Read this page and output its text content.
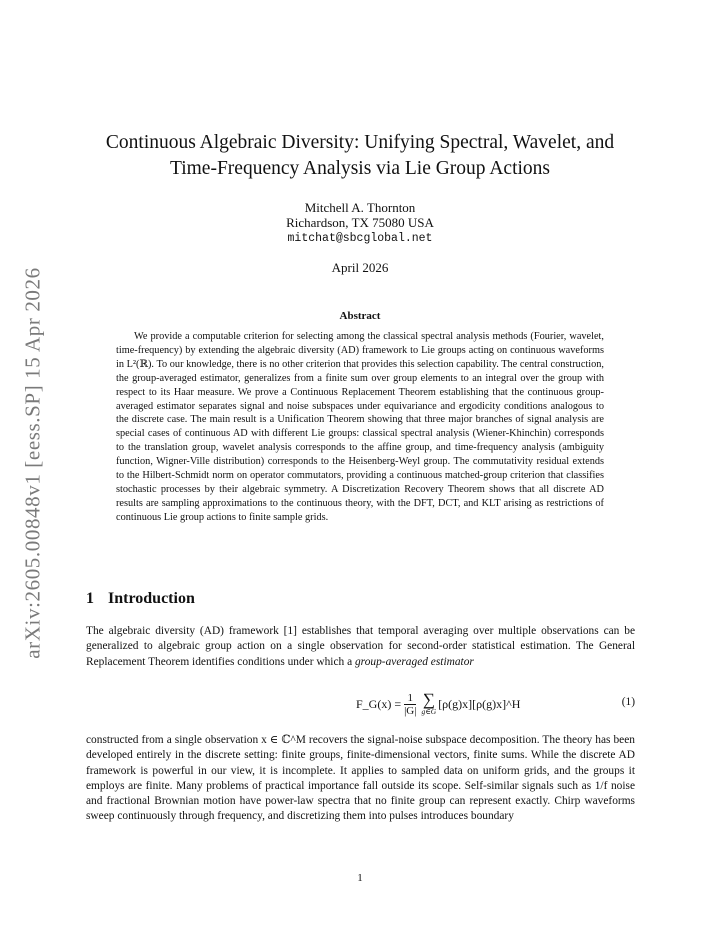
arXiv:2605.00848v1 [eess.SP] 15 Apr 2026
Continuous Algebraic Diversity: Unifying Spectral, Wavelet, and
Time-Frequency Analysis via Lie Group Actions
Mitchell A. Thornton
Richardson, TX 75080 USA
mitchat@sbcglobal.net
April 2026
Abstract

We provide a computable criterion for selecting among the classical spectral analysis methods (Fourier, wavelet, time-frequency) by extending the algebraic diversity (AD) framework to Lie groups acting on continuous waveforms in L²(ℝ). To our knowledge, there is no other criterion that provides this selection capability. The central construction, the group-averaged estimator, generalizes from a finite sum over group elements to an integral over the group with respect to its Haar measure. We prove a Continuous Replacement Theorem establishing that the continuous group-averaged estimator separates signal and noise subspaces under equivariance and ergodicity conditions analogous to the discrete case. The main result is a Unification Theorem showing that three major branches of signal analysis are special cases of continuous AD with different Lie groups: classical spectral analysis (Wiener-Khinchin) corresponds to the translation group, wavelet analysis corresponds to the affine group, and time-frequency analysis (ambiguity function, Wigner-Ville distribution) corresponds to the Heisenberg-Weyl group. The commutativity residual extends to the Hilbert-Schmidt norm on operator commutators, providing a continuous matched-group criterion that classifies stochastic processes by their algebraic symmetry. A Discretization Recovery Theorem shows that all discrete AD results are sampling approximations to the continuous theory, with the DFT, DCT, and KLT arising as restrictions of continuous Lie group actions to finite sample grids.

1 Introduction

The algebraic diversity (AD) framework [1] establishes that temporal averaging over multiple observations can be generalized to algebraic group action on a single observation for second-order statistical estimation. The General Replacement Theorem identifies conditions under which a group-averaged estimator

F_G(x) = $\frac{1}{|G|}$ ∑
g∈G
[ρ(g)x][ρ(g)x]^H	(1)

constructed from a single observation x ∈ ℂ^M recovers the signal-noise subspace decomposition. The theory has been developed entirely in the discrete setting: finite groups, finite-dimensional vectors, finite sums. While the discrete AD framework is powerful in our view, it is incomplete. It applies to sampled data on uniform grids, and the groups it employs are finite. Many problems of practical importance fall outside its scope. Self-similar signals such as 1/f noise and fractional Brownian motion have power-law spectra that no finite group can represent exactly. Chirp waveforms sweep continuously through frequency, and discretizing them into pulses introduces boundary

1
